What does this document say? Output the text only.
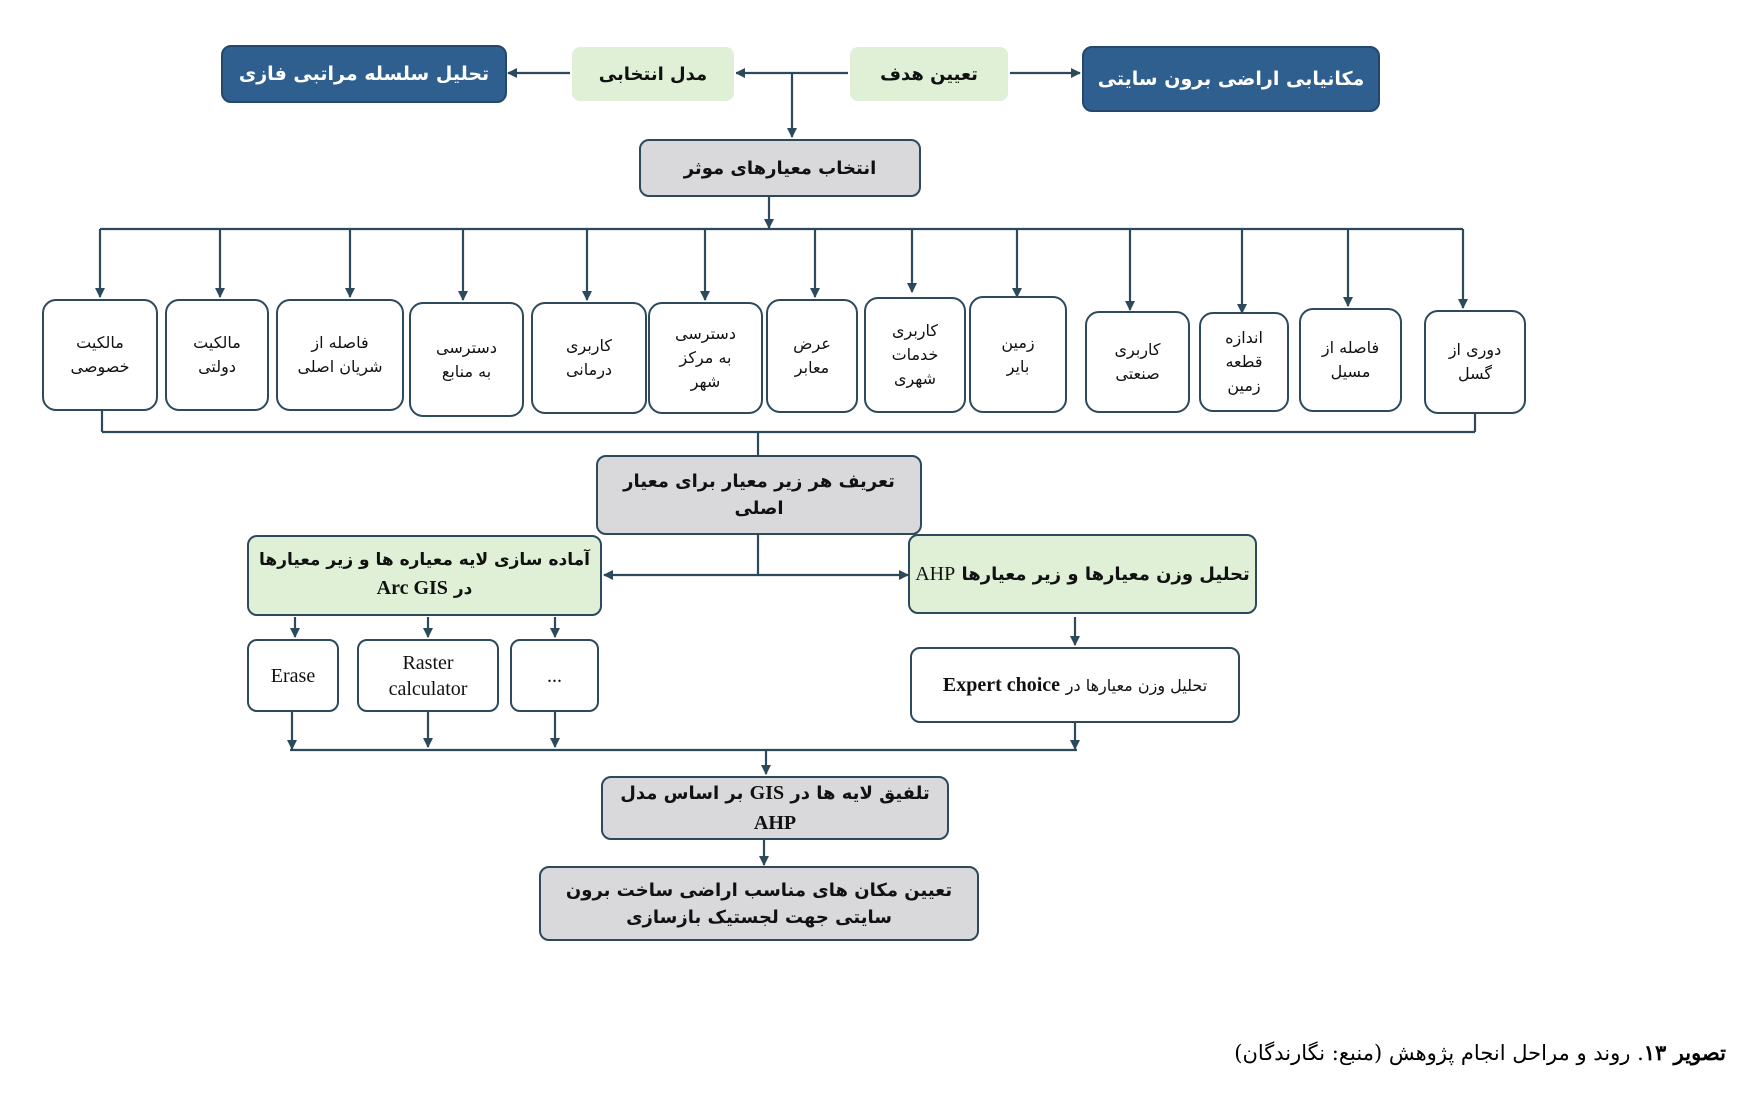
تحلیل سلسله مراتبی فازی	مدل انتخابی	تعیین هدف	مکانیابی اراضی برون سایتی
انتخاب معیارهای موثر
مالکیت
خصوصی
مالکیت
دولتی
فاصله از
شریان اصلی
دسترسی
به منابع
کاربری
درمانی
دسترسی
به مرکز
شهر
عرض
معابر
کاربری
خدمات
شهری
زمین
بایر
کاربری
صنعتی
اندازه
قطعه
زمین
فاصله از
مسیل
دوری از
گسل
تعریف هر زیر معیار برای معیار اصلی
آماده سازی لایه معیاره ها و زیر معیارها
در Arc GIS
تحلیل وزن معیارها و زیر معیارها AHP
Erase
Raster
calculator
...	تحلیل وزن معیارها در Expert choice
تلفیق لایه ها در GIS بر اساس مدل AHP
تعیین مکان های مناسب اراضی ساخت برون
سایتی جهت لجستیک بازسازی
تصویر ۱۳. روند و مراحل انجام پژوهش (منبع: نگارندگان)
